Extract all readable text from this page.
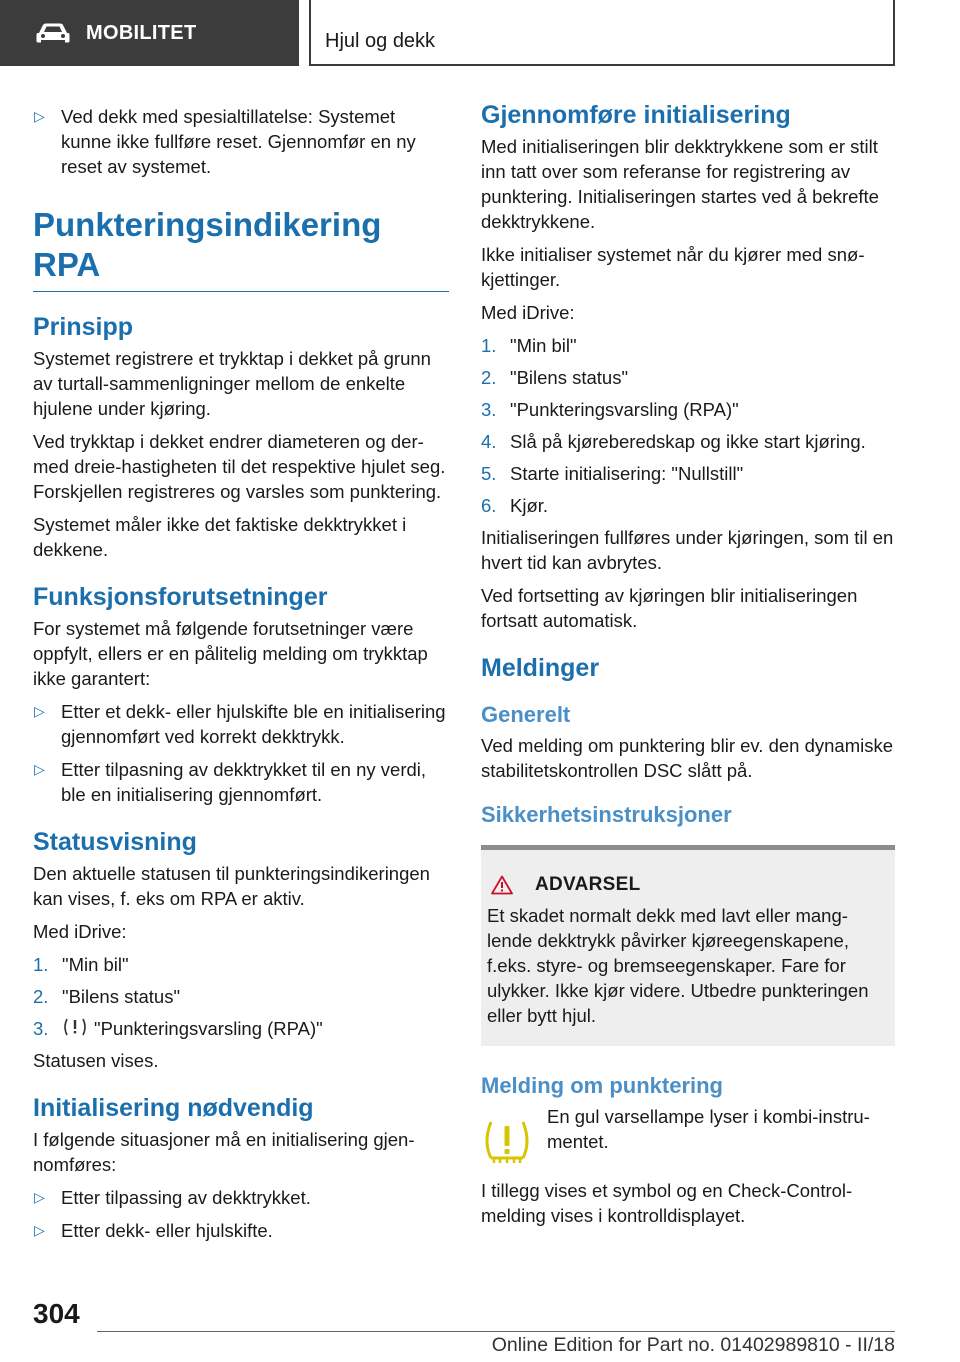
MOBILITET	Hjul og dekk
▷ Ved dekk med spesialtillatelse: Systemet kunne ikke fullføre reset. Gjennomfør en ny reset av systemet.
Punkteringsindikering RPA
Prinsipp

Systemet registrere et trykktap i dekket på grunn av turtall-sammenligninger mellom de enkelte hjulene under kjøring.

Ved trykktap i dekket endrer diameteren og dermed dreie-hastigheten til det respektive hjulet seg. Forskjellen registreres og varsles som punktering.

Systemet måler ikke det faktiske dekktrykket i dekkene.

Funksjonsforutsetninger

For systemet må følgende forutsetninger være oppfylt, ellers er en pålitelig melding om trykktap ikke garantert:

▷ Etter et dekk- eller hjulskifte ble en initialisering gjennomført ved korrekt dekktrykk.
▷ Etter tilpasning av dekktrykket til en ny verdi, ble en initialisering gjennomført.
Statusvisning

Den aktuelle statusen til punkteringsindikeringen kan vises, f. eks om RPA er aktiv.

Med iDrive:

1. "Min bil"
2. "Bilens status"
3.	"Punkteringsvarsling (RPA)"

Statusen vises.

Initialisering nødvendig

I følgende situasjoner må en initialisering gjennomføres:

▷ Etter tilpassing av dekktrykket.
▷ Etter dekk- eller hjulskifte.
Gjennomføre initialisering

Med initialiseringen blir dekktrykkene som er stilt inn tatt over som referanse for registrering av punktering. Initialiseringen startes ved å bekrefte dekktrykkene.

Ikke initialiser systemet når du kjører med snøkjettinger.

Med iDrive:

1. "Min bil"
2. "Bilens status"
3. "Punkteringsvarsling (RPA)"
4. Slå på kjøreberedskap og ikke start kjøring.
5. Starte initialisering: "Nullstill"
6. Kjør.

Initialiseringen fullføres under kjøringen, som til en hvert tid kan avbrytes.

Ved fortsetting av kjøringen blir initialiseringen fortsatt automatisk.

Meldinger
Generelt

Ved melding om punktering blir ev. den dynamiske stabilitetskontrollen DSC slått på.

Sikkerhetsinstruksjoner
ADVARSEL

Et skadet normalt dekk med lavt eller manglende dekktrykk påvirker kjøreegenskapene, f.eks. styre- og bremseegenskaper. Fare for ulykker. Ikke kjør videre. Utbedre punkteringen eller bytt hjul.

Melding om punktering

En gul varsellampe lyser i kombi-instrumentet.

I tillegg vises et symbol og en Check-Control-melding vises i kontrolldisplayet.

304
Online Edition for Part no. 01402989810 - II/18
